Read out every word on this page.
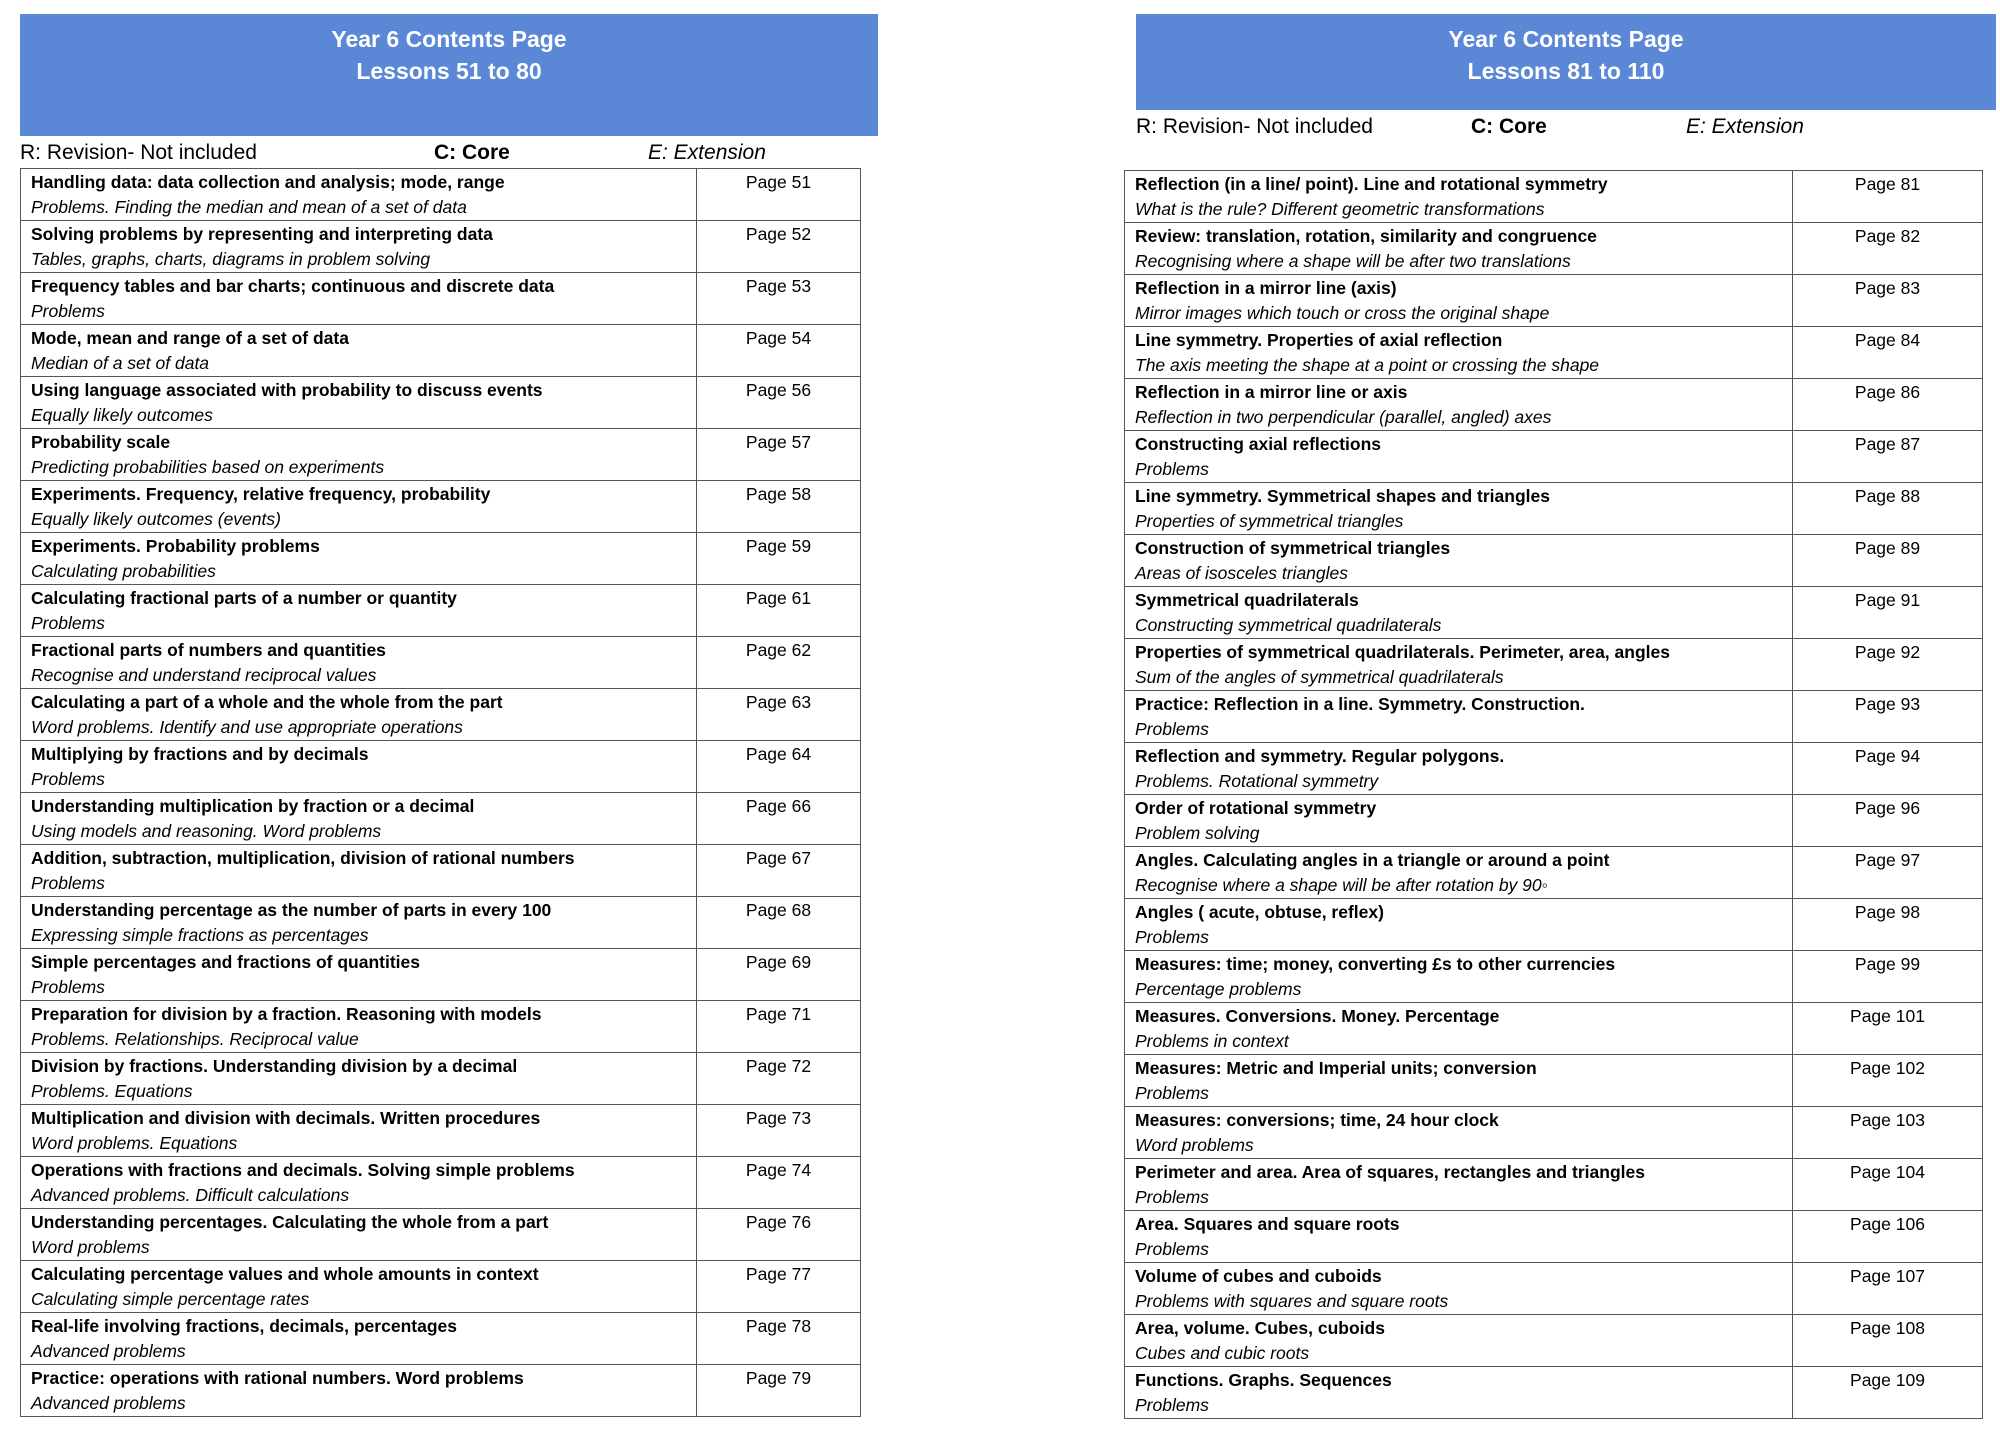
Year 6 Contents Page
Lessons 51 to 80
R: Revision- Not included	C: Core	E: Extension
Handling data: data collection and analysis; mode, range
Problems. Finding the median and mean of a set of data	Page 51

Solving problems by representing and interpreting data
Tables, graphs, charts, diagrams in problem solving	Page 52

Frequency tables and bar charts; continuous and discrete data
Problems	Page 53

Mode, mean and range of a set of data
Median of a set of data	Page 54

Using language associated with probability to discuss events
Equally likely outcomes	Page 56

Probability scale
Predicting probabilities based on experiments	Page 57

Experiments. Frequency, relative frequency, probability
Equally likely outcomes (events)	Page 58

Experiments. Probability problems
Calculating probabilities	Page 59

Calculating fractional parts of a number or quantity
Problems	Page 61

Fractional parts of numbers and quantities
Recognise and understand reciprocal values	Page 62

Calculating a part of a whole and the whole from the part
Word problems. Identify and use appropriate operations	Page 63

Multiplying by fractions and by decimals
Problems	Page 64

Understanding multiplication by fraction or a decimal
Using models and reasoning. Word problems	Page 66

Addition, subtraction, multiplication, division of rational numbers
Problems	Page 67

Understanding percentage as the number of parts in every 100
Expressing simple fractions as percentages	Page 68

Simple percentages and fractions of quantities
Problems	Page 69

Preparation for division by a fraction. Reasoning with models
Problems. Relationships. Reciprocal value	Page 71

Division by fractions. Understanding division by a decimal
Problems. Equations	Page 72

Multiplication and division with decimals. Written procedures
Word problems. Equations	Page 73

Operations with fractions and decimals. Solving simple problems
Advanced problems. Difficult calculations	Page 74

Understanding percentages. Calculating the whole from a part
Word problems	Page 76

Calculating percentage values and whole amounts in context
Calculating simple percentage rates	Page 77

Real-life involving fractions, decimals, percentages
Advanced problems	Page 78

Practice: operations with rational numbers. Word problems
Advanced problems	Page 79
Year 6 Contents Page
Lessons 81 to 110
R: Revision- Not included	C: Core	E: Extension
Reflection (in a line/ point). Line and rotational symmetry
What is the rule? Different geometric transformations	Page 81

Review: translation, rotation, similarity and congruence
Recognising where a shape will be after two translations	Page 82

Reflection in a mirror line (axis)
Mirror images which touch or cross the original shape	Page 83

Line symmetry. Properties of axial reflection
The axis meeting the shape at a point or crossing the shape	Page 84

Reflection in a mirror line or axis
Reflection in two perpendicular (parallel, angled) axes	Page 86

Constructing axial reflections
Problems	Page 87

Line symmetry. Symmetrical shapes and triangles
Properties of symmetrical triangles	Page 88

Construction of symmetrical triangles
Areas of isosceles triangles	Page 89

Symmetrical quadrilaterals
Constructing symmetrical quadrilaterals	Page 91

Properties of symmetrical quadrilaterals. Perimeter, area, angles
Sum of the angles of symmetrical quadrilaterals	Page 92

Practice: Reflection in a line. Symmetry. Construction.
Problems	Page 93

Reflection and symmetry. Regular polygons.
Problems. Rotational symmetry	Page 94

Order of rotational symmetry
Problem solving	Page 96

Angles. Calculating angles in a triangle or around a point
Recognise where a shape will be after rotation by 90◦	Page 97

Angles ( acute, obtuse, reflex)
Problems	Page 98

Measures: time; money, converting £s to other currencies
Percentage problems	Page 99

Measures. Conversions. Money. Percentage
Problems in context	Page 101

Measures: Metric and Imperial units; conversion
Problems	Page 102

Measures: conversions; time, 24 hour clock
Word problems	Page 103

Perimeter and area. Area of squares, rectangles and triangles
Problems	Page 104

Area. Squares and square roots
Problems	Page 106

Volume of cubes and cuboids
Problems with squares and square roots	Page 107

Area, volume. Cubes, cuboids
Cubes and cubic roots	Page 108

Functions. Graphs. Sequences
Problems	Page 109
